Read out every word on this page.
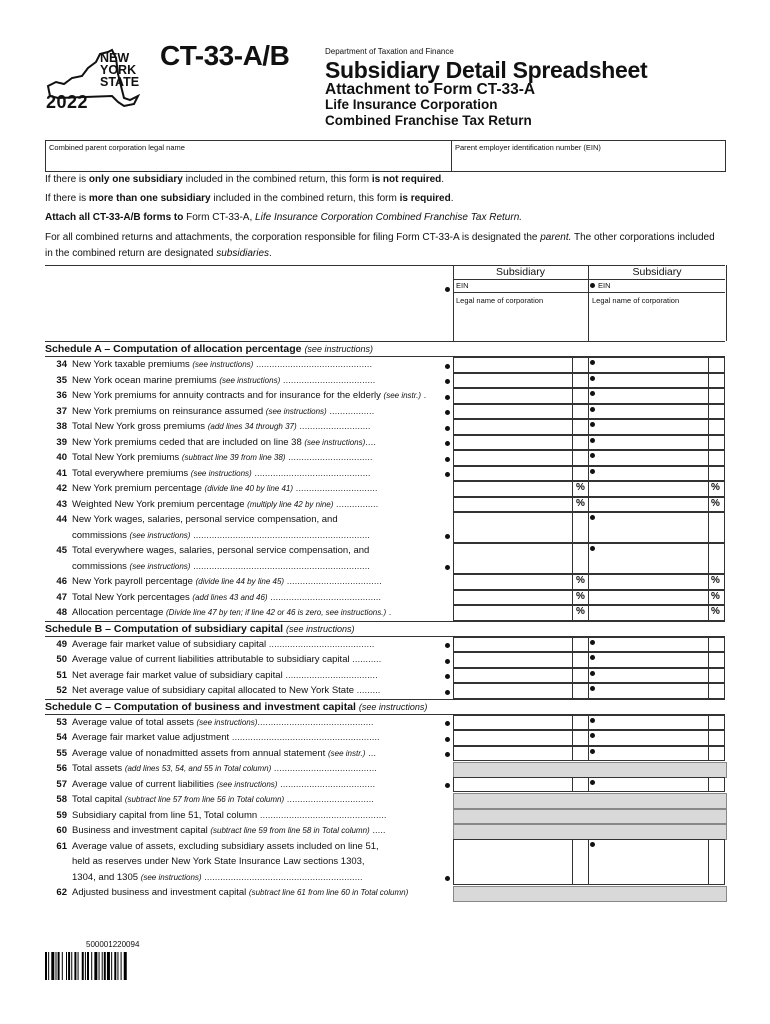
NEW YORK STATE
2022
CT-33-A/B	Department of Taxation and Finance
Subsidiary Detail Spreadsheet
Attachment to Form CT-33-A
Life Insurance Corporation
Combined Franchise Tax Return
Combined parent corporation legal name	Parent employer identification number (EIN)
If there is only one subsidiary included in the combined return, this form is not required.
If there is more than one subsidiary included in the combined return, this form is required.
Attach all CT-33-A/B forms to Form CT-33-A, Life Insurance Corporation Combined Franchise Tax Return.
For all combined returns and attachments, the corporation responsible for filing Form CT-33-A is designated the parent. The other corporations included in the combined return are designated subsidiaries.
Subsidiary	Subsidiary
EIN	EIN
Legal name of corporation	Legal name of corporation
Schedule A – Computation of allocation percentage (see instructions)
34 New York taxable premiums (see instructions) ............................................
35 New York ocean marine premiums (see instructions) ...................................
36 New York premiums for annuity contracts and for insurance for the elderly (see instr.) .
37 New York premiums on reinsurance assumed (see instructions) .................
38 Total New York gross premiums (add lines 34 through 37) ...........................
39 New York premiums ceded that are included on line 38 (see instructions)....
40 Total New York premiums (subtract line 39 from line 38) ................................
41 Total everywhere premiums (see instructions) ............................................
42 New York premium percentage (divide line 40 by line 41) ...............................	%	%
43 Weighted New York premium percentage (multiply line 42 by nine) ................	%	%
44 New York wages, salaries, personal service compensation, and
commissions (see instructions) ...................................................................
45 Total everywhere wages, salaries, personal service compensation, and
commissions (see instructions) ...................................................................
46 New York payroll percentage (divide line 44 by line 45) ....................................	%	%
47 Total New York percentages (add lines 43 and 46) ..........................................	%	%
48 Allocation percentage (Divide line 47 by ten; if line 42 or 46 is zero, see instructions.) .	%	%
Schedule B – Computation of subsidiary capital (see instructions)
49 Average fair market value of subsidiary capital ........................................
50 Average value of current liabilities attributable to subsidiary capital ...........
51 Net average fair market value of subsidiary capital ...................................
52 Net average value of subsidiary capital allocated to New York State .........
Schedule C – Computation of business and investment capital (see instructions)
53 Average value of total assets (see instructions)............................................
54 Average fair market value adjustment ........................................................
55 Average value of nonadmitted assets from annual statement (see instr.) ...
56 Total assets (add lines 53, 54, and 55 in Total column) .......................................
57 Average value of current liabilities (see instructions) ....................................
58 Total capital (subtract line 57 from line 56 in Total column) .................................
59 Subsidiary capital from line 51, Total column ................................................
60 Business and investment capital (subtract line 59 from line 58 in Total column) .....
61 Average value of assets, excluding subsidiary assets included on line 51,
held as reserves under New York State Insurance Law sections 1303,
1304, and 1305 (see instructions) ............................................................
62 Adjusted business and investment capital (subtract line 61 from line 60 in Total column)
500001220094
